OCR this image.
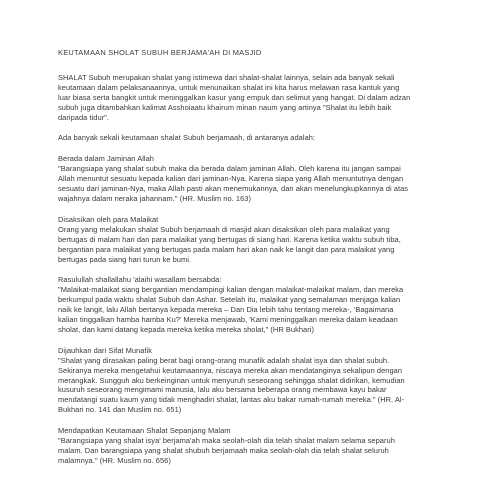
KEUTAMAAN SHOLAT SUBUH BERJAMA'AH DI MASJID
SHALAT Subuh merupakan shalat yang istimewa dari shalat-shalat lainnya, selain ada banyak sekali
keutamaan dalam pelaksanaannya, untuk menunaikan shalat ini kita harus melawan rasa kantuk yang
luar biasa serta bangkit untuk meninggalkan kasur yang empuk dan selimut yang hangat. Di dalam adzan
subuh juga ditambahkan kalimat Asshoiaatu khairum minan naum yang artinya "Shalat itu lebih baik
daripada tidur".
Ada banyak sekali keutamaan shalat Subuh berjamaah, di antaranya adalah:
Berada dalam Jaminan Allah
"Barangsiapa yang shalat subuh maka dia berada dalam jaminan Allah. Oleh karena itu jangan sampai
Allah menuntut sesuatu kepada kalian dari jaminan-Nya. Karena siapa yang Allah menuntutnya dengan
sesuatu dari jaminan-Nya, maka Allah pasti akan menemukannya, dan akan menelungkupkannya di atas
wajahnya dalam neraka jahannam." (HR. Muslim no. 163)
Disaksikan oleh para Malaikat
Orang yang melakukan shalat Subuh berjamaah di masjid akan disaksikan oleh para malaikat yang
bertugas di malam hari dan para malaikat yang bertugas di siang hari. Karena ketika waktu subuh tiba,
bergantian para malaikat yang bertugas pada malam hari akan naik ke langit dan para malaikat yang
bertugas pada siang hari turun ke bumi.
Rasulullah shallallahu 'alaihi wasallam bersabda:
"Malaikat-malaikat siang bergantian mendampingi kalian dengan malaikat-malaikat malam, dan mereka
berkumpul pada waktu shalat Subuh dan Ashar. Setelah itu, malaikat yang semalaman menjaga kalian
naik ke langit, lalu Allah bertanya kepada mereka – Dan Dia lebih tahu tentang mereka-, 'Bagaimana
kalian tinggalkan hamba hamba Ku?' Mereka menjawab, 'Kami meninggalkan mereka dalam keadaan
sholat, dan kami datang kepada mereka ketika mereka sholat," (HR Bukhari)
Dijauhkan dari Sifat Munafik
"Shalat yang dirasakan paling berat bagi orang-orang munafik adalah shalat isya dan shalat subuh.
Sekiranya mereka mengetahui keutamaannya, niscaya mereka akan mendatanginya sekalipun dengan
merangkak. Sungguh aku berkeinginan untuk menyuruh seseorang sehingga shalat didirikan, kemudian
kusuruh seseorang mengimami manusia, lalu aku bersama beberapa orang membawa kayu bakar
mendatangi suatu kaum yang tidak menghadiri shalat, lantas aku bakar rumah-rumah mereka." (HR. Al-
Bukhari no. 141 dan Muslim no. 651)
Mendapatkan Keutamaan Shalat Sepanjang Malam
"Barangsiapa yang shalat isya' berjama'ah maka seolah-olah dia telah shalat malam selama separuh
malam. Dan barangsiapa yang shalat shubuh berjamaah maka seolah-olah dia telah shalat seluruh
malamnya." (HR. Muslim no. 656)
